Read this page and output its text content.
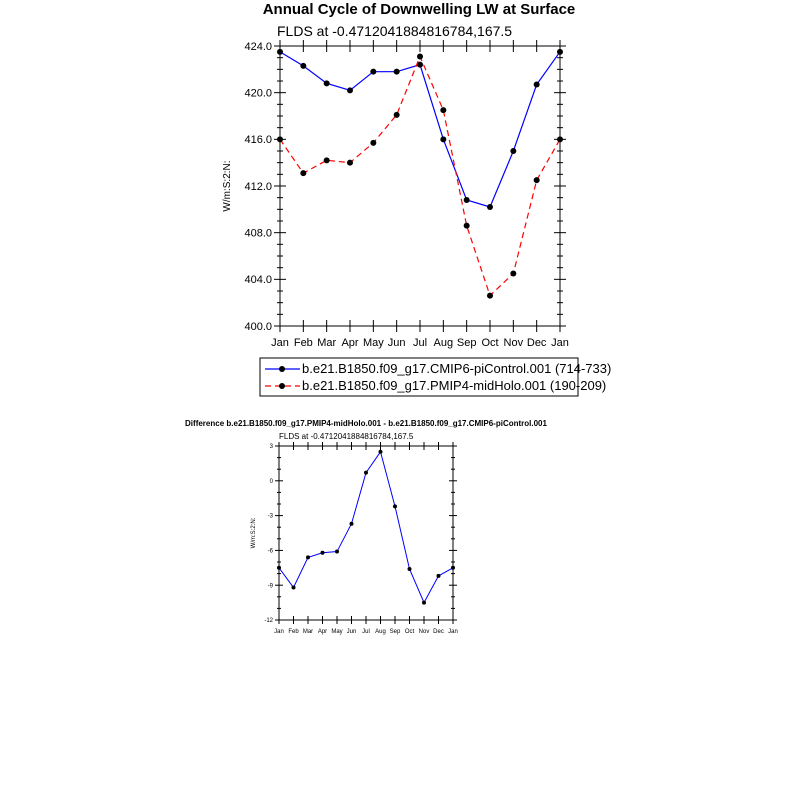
Annual Cycle of Downwelling LW at Surface
FLDS at -0.4712041884816784,167.5
400.0
404.0
408.0
412.0
416.0
420.0
424.0
Jan Feb Mar Apr May Jun Jul Aug Sep Oct Nov Dec Jan
W/m:S:2:N:
Difference b.e21.B1850.f09_g17.PMIP4-midHolo.001 - b.e21.B1850.f09_g17.CMIP6-piControl.001
FLDS at -0.4712041884816784,167.5
-12
-9
-6
-3
0
3
Jan Feb Mar Apr May Jun Jul Aug Sep Oct Nov Dec Jan
W/m:S:2:N:
b.e21.B1850.f09_g17.CMIP6-piControl.001 (714-733)
b.e21.B1850.f09_g17.PMIP4-midHolo.001 (190-209)
